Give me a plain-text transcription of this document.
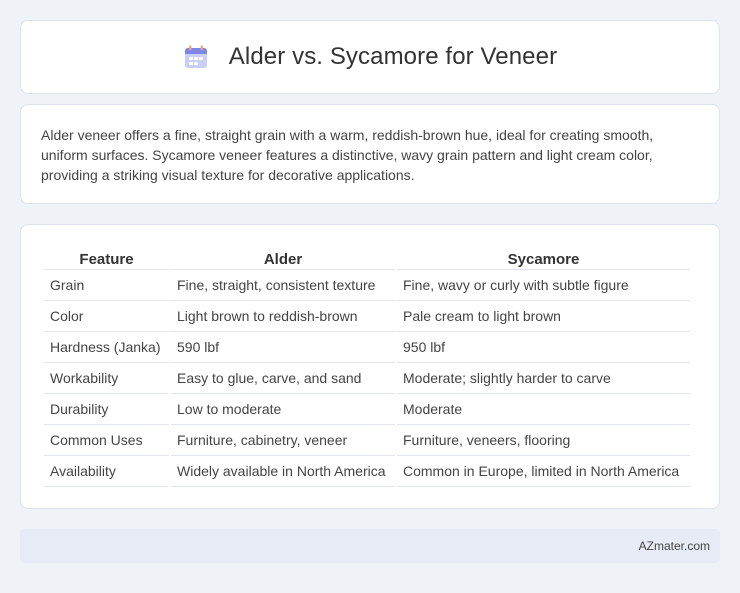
Alder vs. Sycamore for Veneer

Alder veneer offers a fine, straight grain with a warm, reddish-brown hue, ideal for creating smooth, uniform surfaces. Sycamore veneer features a distinctive, wavy grain pattern and light cream color, providing a striking visual texture for decorative applications.

Feature	Alder	Sycamore
Grain	Fine, straight, consistent texture	Fine, wavy or curly with subtle figure
Color	Light brown to reddish-brown	Pale cream to light brown
Hardness (Janka)	590 lbf	950 lbf
Workability	Easy to glue, carve, and sand	Moderate; slightly harder to carve
Durability	Low to moderate	Moderate
Common Uses	Furniture, cabinetry, veneer	Furniture, veneers, flooring
Availability	Widely available in North America	Common in Europe, limited in North America
AZmater.com
